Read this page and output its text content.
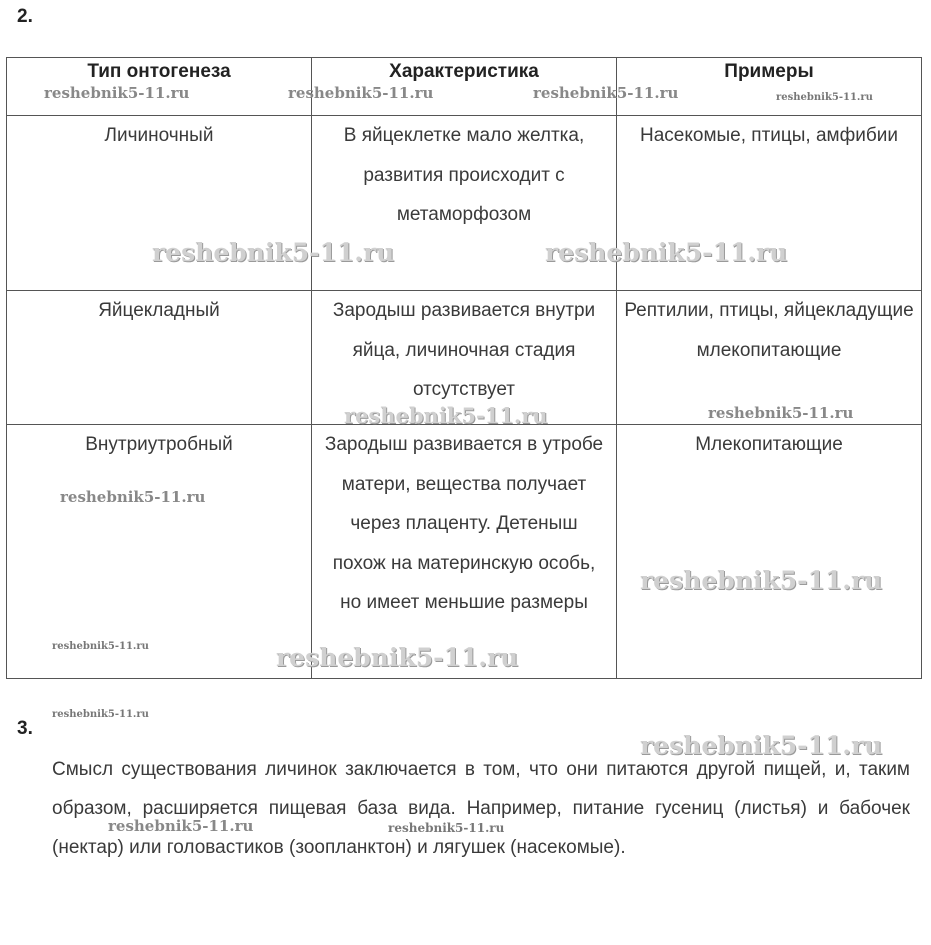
2.
Тип онтогенеза	Характеристика	Примеры
Личиночный	В яйцеклетке мало желтка, развития происходит с метаморфозом	Насекомые, птицы, амфибии
Яйцекладный	Зародыш развивается внутри яйца, личиночная стадия отсутствует	Рептилии, птицы, яйцекладущие млекопитающие
Внутриутробный	Зародыш развивается в утробе матери, вещества получает через плаценту. Детеныш похож на материнскую особь, но имеет меньшие размеры	Млекопитающие
3.

Смысл существования личинок заключается в том, что они питаются другой пищей, и, таким образом, расширяется пищевая база вида. Например, питание гусениц (листья) и бабочек (нектар) или головастиков (зоопланктон) и лягушек (насекомые).

reshebnik5-11.ru	reshebnik5-11.ru	reshebnik5-11.ru	reshebnik5-11.ru
reshebnik5-11.ru	reshebnik5-11.ru
reshebnik5-11.ru	reshebnik5-11.ru
reshebnik5-11.ru
reshebnik5-11.ru
reshebnik5-11.ru	reshebnik5-11.ru
reshebnik5-11.ru
reshebnik5-11.ru
reshebnik5-11.ru	reshebnik5-11.ru
